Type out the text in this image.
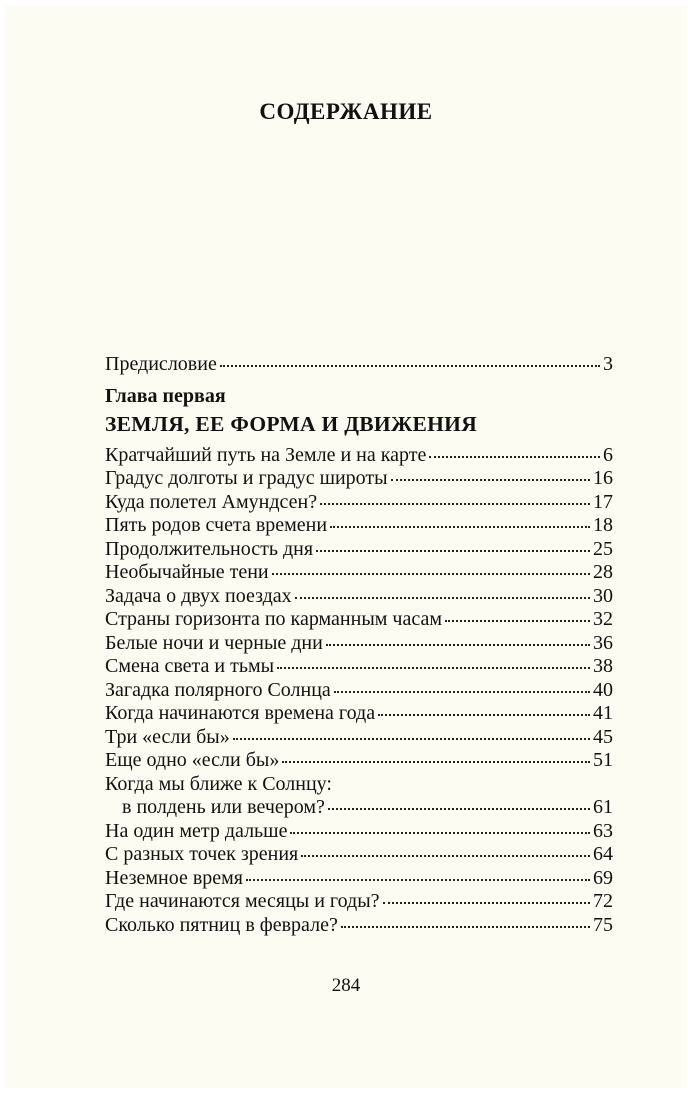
СОДЕРЖАНИЕ
Предисловие	3
Глава первая
ЗЕМЛЯ, ЕЕ ФОРМА И ДВИЖЕНИЯ
Кратчайший путь на Земле и на карте	6
Градус долготы и градус широты	16
Куда полетел Амундсен?	17
Пять родов счета времени	18
Продолжительность дня	25
Необычайные тени	28
Задача о двух поездах	30
Страны горизонта по карманным часам	32
Белые ночи и черные дни	36
Смена света и тьмы	38
Загадка полярного Солнца	40
Когда начинаются времена года	41
Три «если бы»	45
Еще одно «если бы»	51
Когда мы ближе к Солнцу:
в полдень или вечером?	61
На один метр дальше	63
С разных точек зрения	64
Неземное время	69
Где начинаются месяцы и годы?	72
Сколько пятниц в феврале?	75
284
